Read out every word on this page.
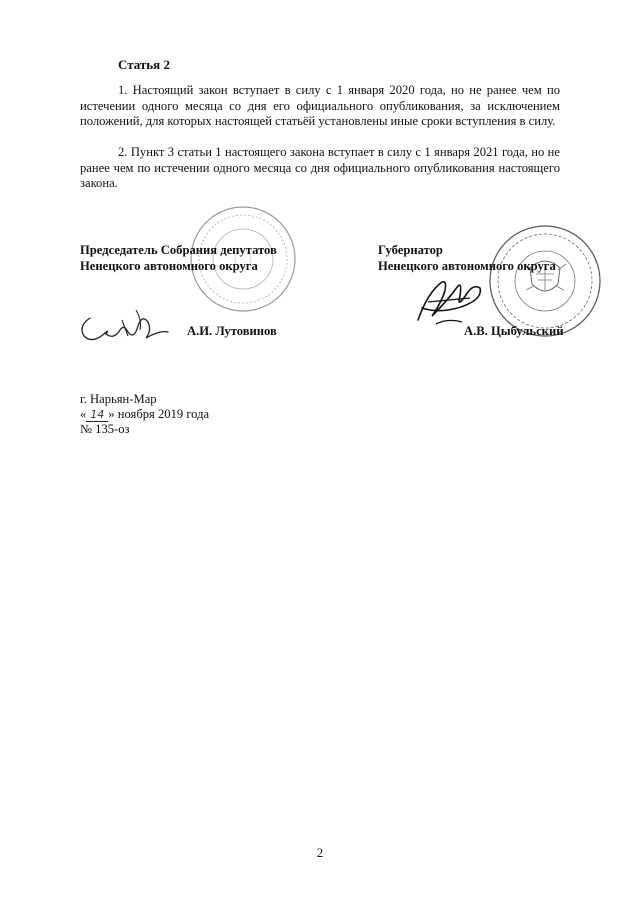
Статья 2

1. Настоящий закон вступает в силу с 1 января 2020 года, но не ранее чем по истечении одного месяца со дня его официального опубликования, за исключением положений, для которых настоящей статьёй установлены иные сроки вступления в силу.

2. Пункт 3 статьи 1 настоящего закона вступает в силу с 1 января 2021 года, но не ранее чем по истечении одного месяца со дня официального опубликования настоящего закона.

Председатель Собрания депутатов
Ненецкого автономного округа
Губернатор
Ненецкого автономного округа
А.И. Лутовинов	А.В. Цыбульский
г. Нарьян-Мар
« 14 » ноября 2019 года
№ 135-оз
2
